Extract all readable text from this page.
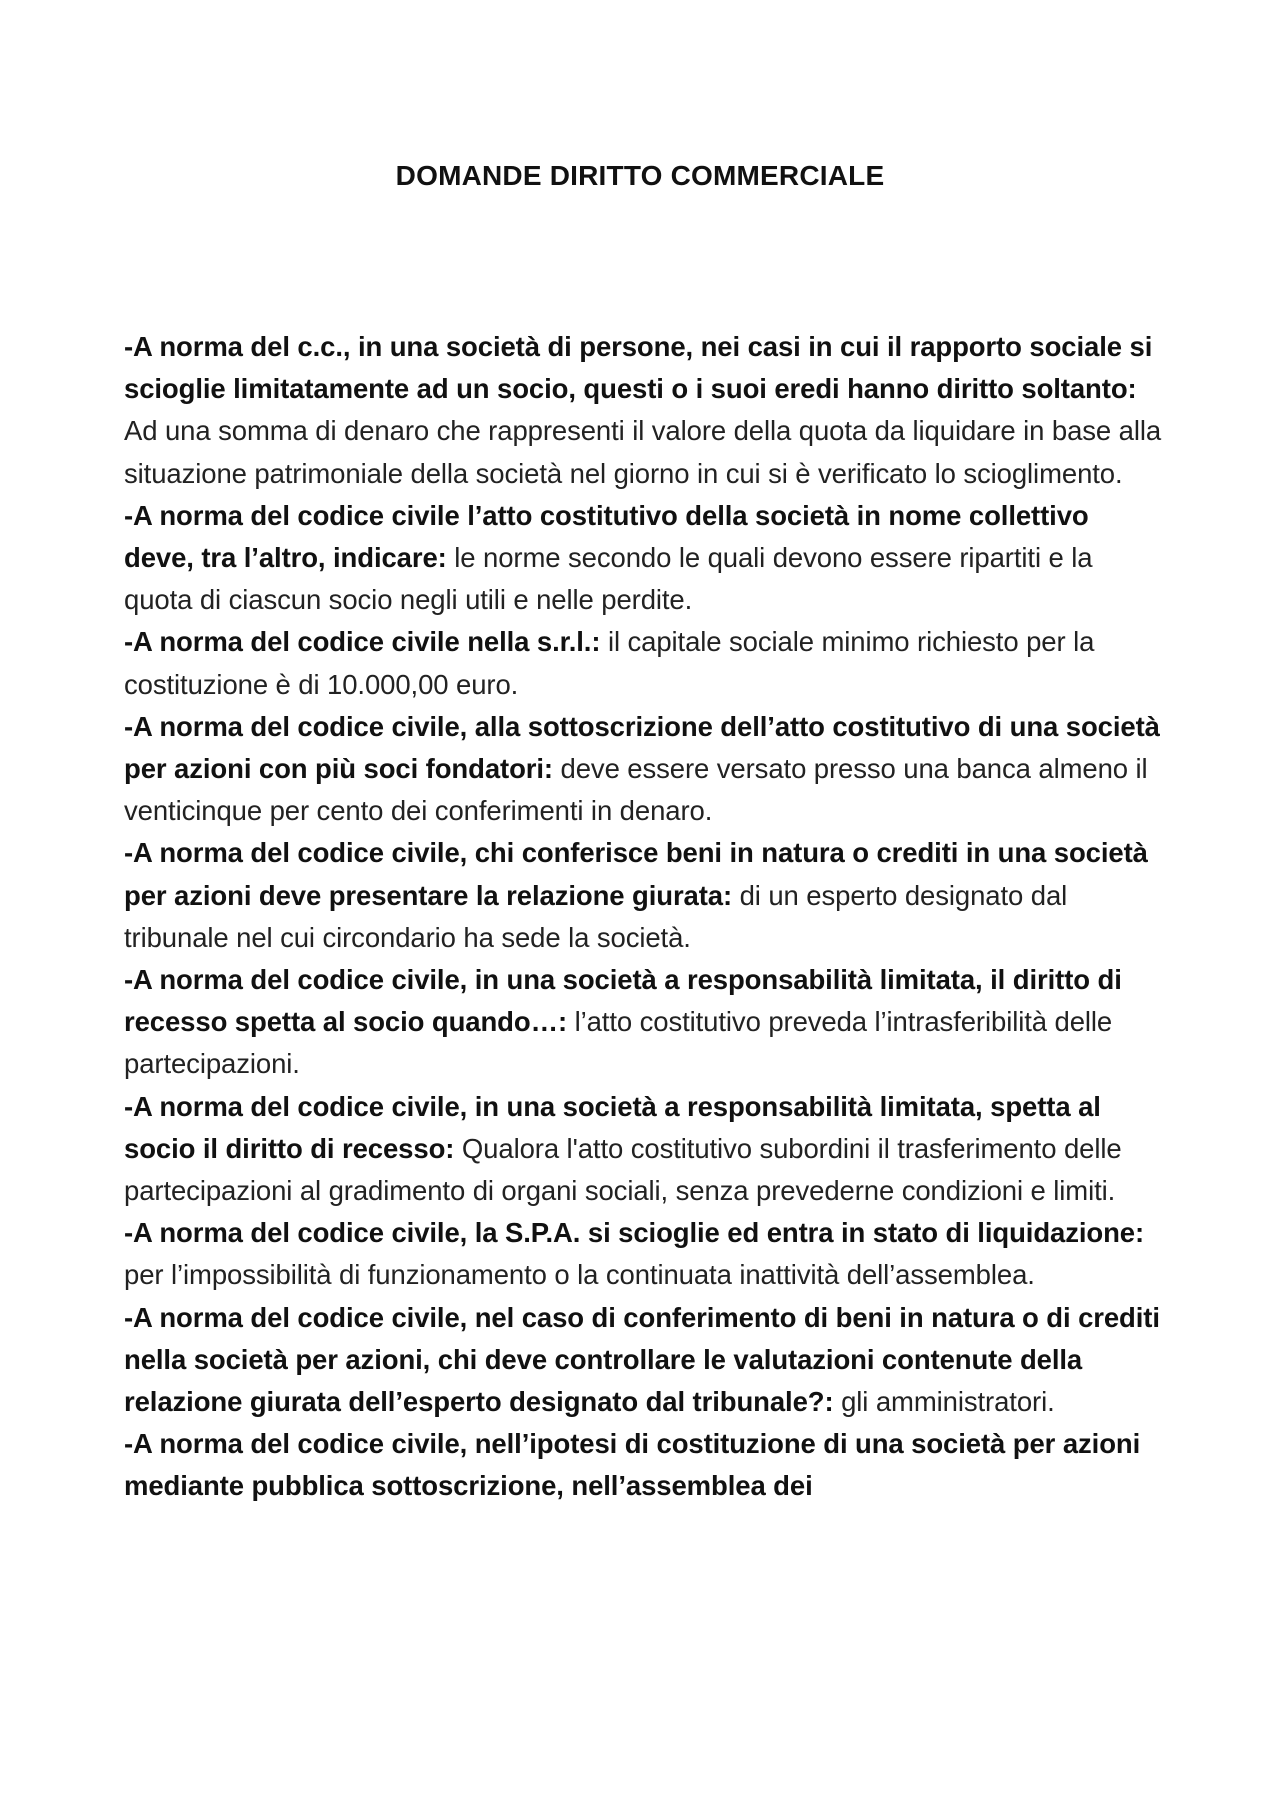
DOMANDE DIRITTO COMMERCIALE

-A norma del c.c., in una società di persone, nei casi in cui il rapporto sociale si scioglie limitatamente ad un socio, questi o i suoi eredi hanno diritto soltanto: Ad una somma di denaro che rappresenti il valore della quota da liquidare in base alla situazione patrimoniale della società nel giorno in cui si è verificato lo scioglimento.

-A norma del codice civile l’atto costitutivo della società in nome collettivo deve, tra l’altro, indicare: le norme secondo le quali devono essere ripartiti e la quota di ciascun socio negli utili e nelle perdite.

-A norma del codice civile nella s.r.l.: il capitale sociale minimo richiesto per la costituzione è di 10.000,00 euro.

-A norma del codice civile, alla sottoscrizione dell’atto costitutivo di una società per azioni con più soci fondatori: deve essere versato presso una banca almeno il venticinque per cento dei conferimenti in denaro.

-A norma del codice civile, chi conferisce beni in natura o crediti in una società per azioni deve presentare la relazione giurata: di un esperto designato dal tribunale nel cui circondario ha sede la società.

-A norma del codice civile, in una società a responsabilità limitata, il diritto di recesso spetta al socio quando…: l’atto costitutivo preveda l’intrasferibilità delle partecipazioni.

-A norma del codice civile, in una società a responsabilità limitata, spetta al socio il diritto di recesso: Qualora l'atto costitutivo subordini il trasferimento delle partecipazioni al gradimento di organi sociali, senza prevederne condizioni e limiti.

-A norma del codice civile, la S.P.A. si scioglie ed entra in stato di liquidazione: per l’impossibilità di funzionamento o la continuata inattività dell’assemblea.

-A norma del codice civile, nel caso di conferimento di beni in natura o di crediti nella società per azioni, chi deve controllare le valutazioni contenute della relazione giurata dell’esperto designato dal tribunale?: gli amministratori.

-A norma del codice civile, nell’ipotesi di costituzione di una società per azioni mediante pubblica sottoscrizione, nell’assemblea dei
